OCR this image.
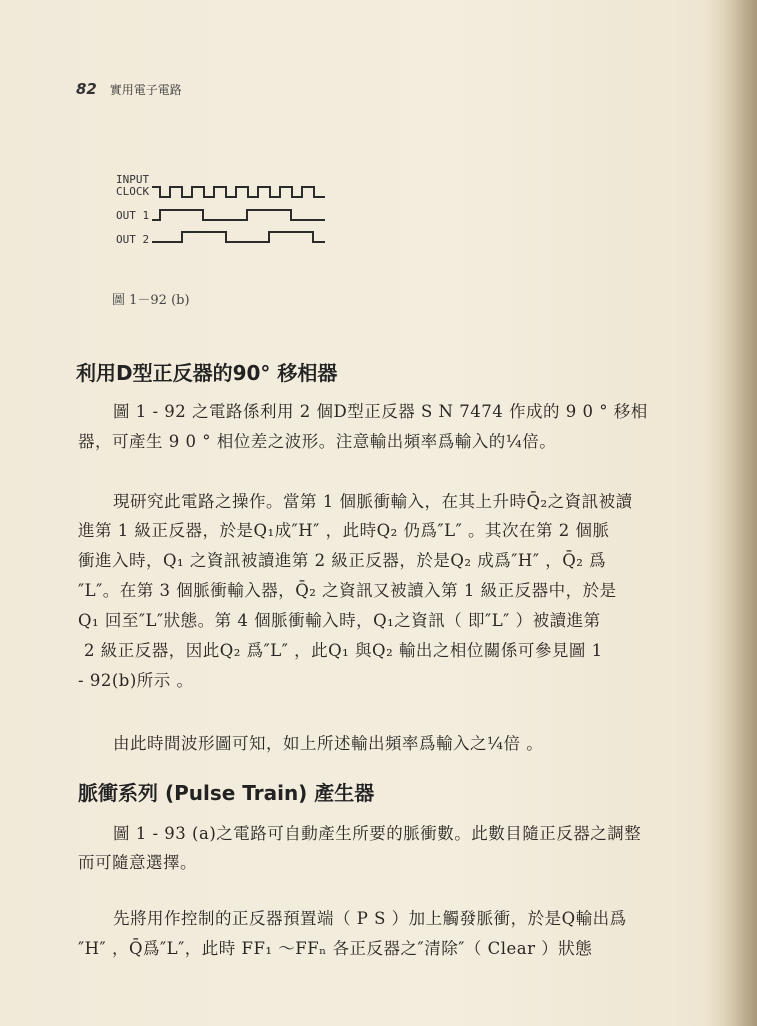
82 實用電子電路
INPUT
CLOCK
OUT 1
OUT 2
圖 1－92 (b)
利用D型正反器的90° 移相器
圖 1 - 92 之電路係利用 2 個D型正反器 S N 7474 作成的 9 0 ° 移相
器，可產生 9 0 ° 相位差之波形。注意輸出頻率爲輸入的¼倍。
現研究此電路之操作。當第 1 個脈衝輸入，在其上升時Q̄₂之資訊被讀
進第 1 級正反器，於是Q₁成″H″ ，此時Q₂ 仍爲″L″ 。其次在第 2 個脈
衝進入時，Q₁ 之資訊被讀進第 2 級正反器，於是Q₂ 成爲″H″ ，Q̄₂ 爲
″L″。在第 3 個脈衝輸入器，Q̄₂ 之資訊又被讀入第 1 級正反器中，於是
Q₁ 回至″L″狀態。第 4 個脈衝輸入時，Q₁之資訊（ 即″L″ ）被讀進第
2 級正反器，因此Q₂ 爲″L″ ，此Q₁ 與Q₂ 輸出之相位關係可參見圖 1
- 92(b)所示 。
由此時間波形圖可知，如上所述輸出頻率爲輸入之¼倍 。
脈衝系列 (Pulse Train) 產生器
圖 1 - 93 (a)之電路可自動產生所要的脈衝數。此數目隨正反器之調整
而可隨意選擇。
先將用作控制的正反器預置端（ P S ）加上觸發脈衝，於是Q輸出爲
″H″ ，Q̄爲″L″，此時 FF₁ ～FFₙ 各正反器之″清除″（ Clear ）狀態
